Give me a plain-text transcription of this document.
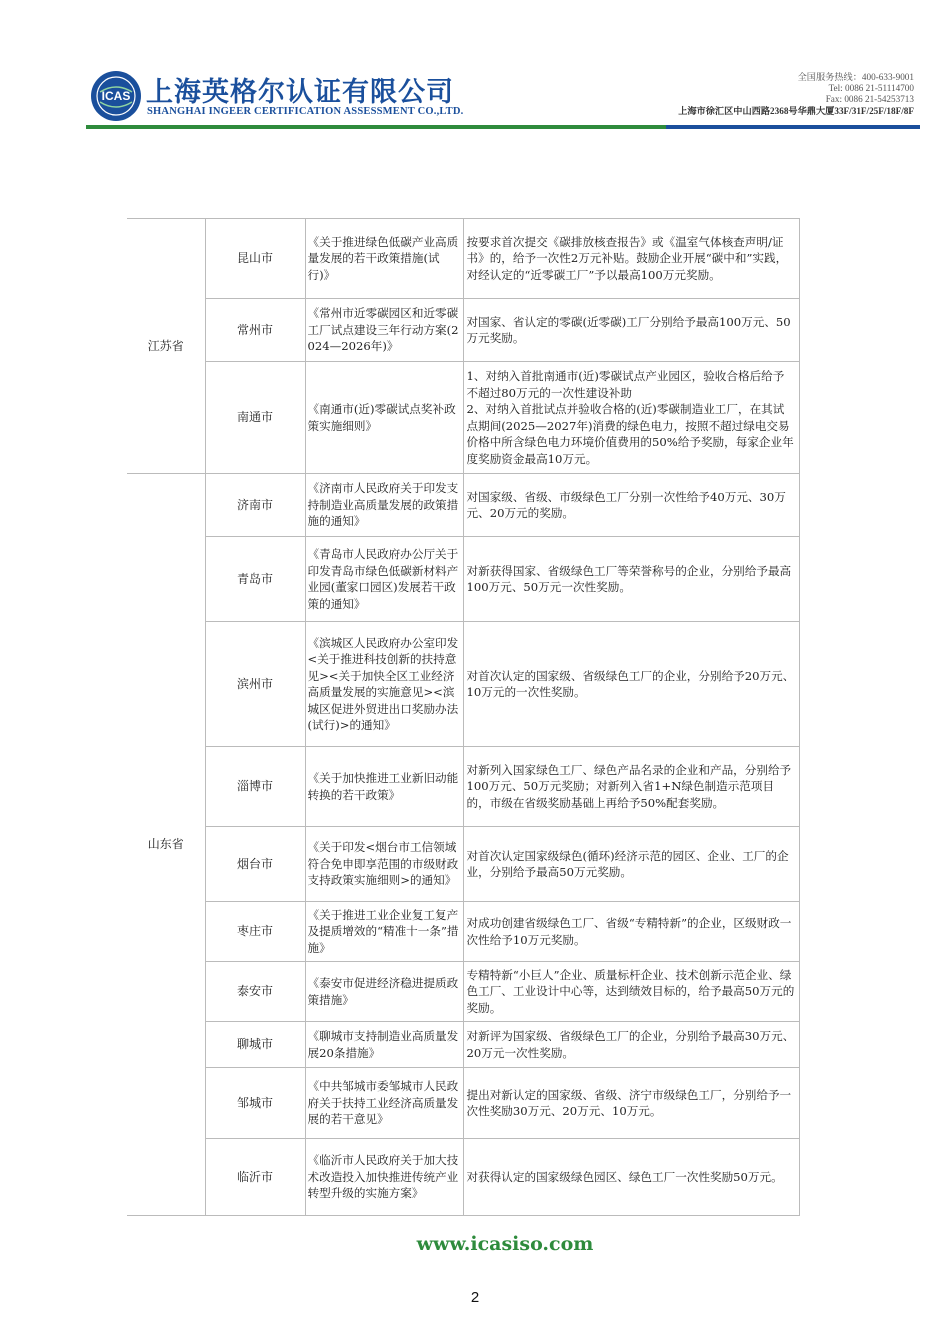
ICAS 上海英格尔认证有限公司
SHANGHAI INGEER CERTIFICATION ASSESSMENT CO.,LTD.
全国服务热线：400-633-9001
Tel: 0086 21-51114700
Fax: 0086 21-54253713
上海市徐汇区中山西路2368号华鼎大厦33F/31F/25F/18F/8F
江苏省	昆山市	《关于推进绿色低碳产业高质量发展的若干政策措施(试行)》	按要求首次提交《碳排放核查报告》或《温室气体核查声明/证书》的，给予一次性2万元补贴。鼓励企业开展“碳中和”实践，对经认定的“近零碳工厂”予以最高100万元奖励。
	常州市	《常州市近零碳园区和近零碳工厂试点建设三年行动方案(2024—2026年)》	对国家、省认定的零碳(近零碳)工厂分别给予最高100万元、50万元奖励。
	南通市	《南通市(近)零碳试点奖补政策实施细则》	1、对纳入首批南通市(近)零碳试点产业园区，验收合格后给予不超过80万元的一次性建设补助
2、对纳入首批试点并验收合格的(近)零碳制造业工厂，在其试点期间(2025—2027年)消费的绿色电力，按照不超过绿电交易价格中所含绿色电力环境价值费用的50%给予奖励，每家企业年度奖励资金最高10万元。
山东省	济南市	《济南市人民政府关于印发支持制造业高质量发展的政策措施的通知》	对国家级、省级、市级绿色工厂分别一次性给予40万元、30万元、20万元的奖励。
	青岛市	《青岛市人民政府办公厅关于印发青岛市绿色低碳新材料产业园(董家口园区)发展若干政策的通知》	对新获得国家、省级绿色工厂等荣誉称号的企业，分别给予最高100万元、50万元一次性奖励。
	滨州市	《滨城区人民政府办公室印发<关于推进科技创新的扶持意见><关于加快全区工业经济高质量发展的实施意见><滨城区促进外贸进出口奖励办法(试行)>的通知》	对首次认定的国家级、省级绿色工厂的企业，分别给予20万元、10万元的一次性奖励。
	淄博市	《关于加快推进工业新旧动能转换的若干政策》	对新列入国家绿色工厂、绿色产品名录的企业和产品，分别给予100万元、50万元奖励；对新列入省1+N绿色制造示范项目的，市级在省级奖励基础上再给予50%配套奖励。
	烟台市	《关于印发<烟台市工信领域符合免申即享范围的市级财政支持政策实施细则>的通知》	对首次认定国家级绿色(循环)经济示范的园区、企业、工厂的企业，分别给予最高50万元奖励。
	枣庄市	《关于推进工业企业复工复产及提质增效的“精准十一条”措施》	对成功创建省级绿色工厂、省级“专精特新”的企业，区级财政一次性给予10万元奖励。
	泰安市	《泰安市促进经济稳进提质政策措施》	专精特新“小巨人”企业、质量标杆企业、技术创新示范企业、绿色工厂、工业设计中心等，达到绩效目标的，给予最高50万元的奖励。
	聊城市	《聊城市支持制造业高质量发展20条措施》	对新评为国家级、省级绿色工厂的企业，分别给予最高30万元、20万元一次性奖励。
	邹城市	《中共邹城市委邹城市人民政府关于扶持工业经济高质量发展的若干意见》	提出对新认定的国家级、省级、济宁市级绿色工厂，分别给予一次性奖励30万元、20万元、10万元。
	临沂市	《临沂市人民政府关于加大技术改造投入加快推进传统产业转型升级的实施方案》	对获得认定的国家级绿色园区、绿色工厂一次性奖励50万元。
www.icasiso.com
2
